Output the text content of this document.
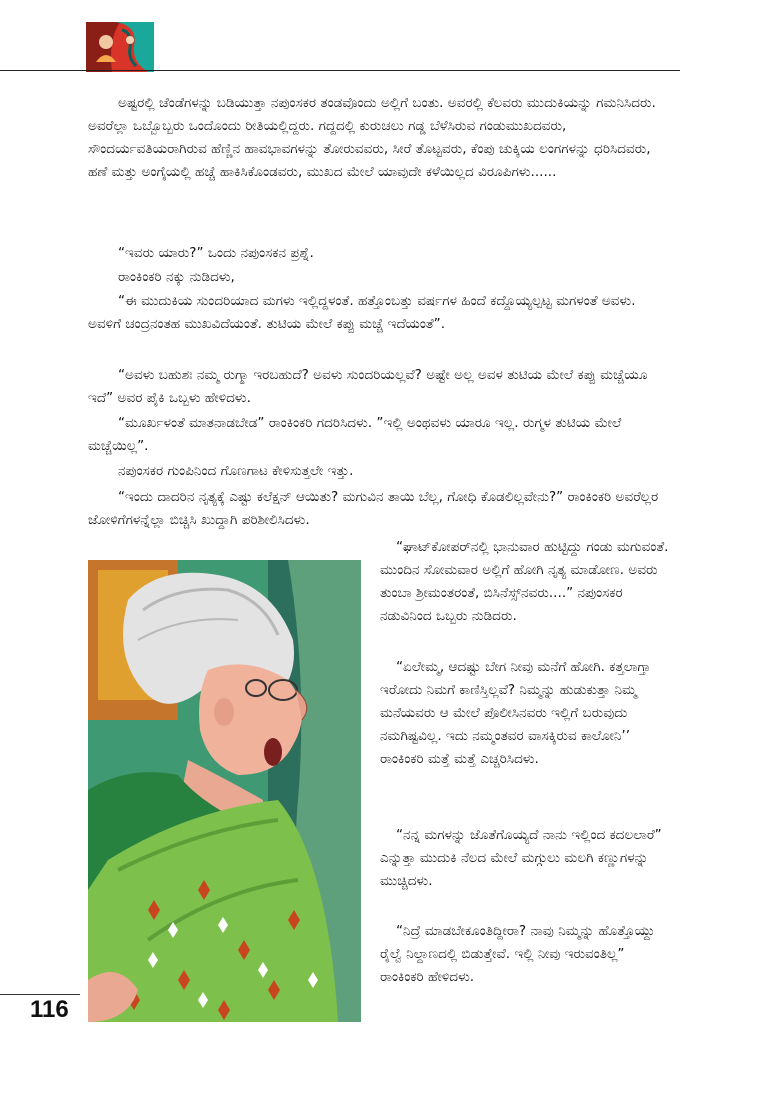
ಅಷ್ಟರಲ್ಲಿ ಚೆಂಡೆಗಳನ್ನು ಬಡಿಯುತ್ತಾ ನಪುಂಸಕರ ತಂಡವೊಂದು ಅಲ್ಲಿಗೆ ಬಂತು. ಅವರಲ್ಲಿ ಕೆಲವರು ಮುದುಕಿಯನ್ನು ಗಮನಿಸಿದರು. ಅವರೆಲ್ಲಾ ಒಬ್ಬೊಬ್ಬರು ಒಂದೊಂದು ರೀತಿಯಲ್ಲಿದ್ದರು. ಗದ್ದದಲ್ಲಿ ಕುರುಚಲು ಗಡ್ಡ ಬೆಳೆಸಿರುವ ಗಂಡುಮುಖದವರು, ಸೌಂದರ್ಯವತಿಯರಾಗಿರುವ ಹೆಣ್ಣಿನ ಹಾವಭಾವಗಳನ್ನು ತೋರುವವರು, ಸೀರೆ ತೊಟ್ಟವರು, ಕೆಂಪು ಚುಕ್ಕಿಯ ಲಂಗಗಳನ್ನು ಧರಿಸಿದವರು, ಹಣೆ ಮತ್ತು ಅಂಗೈಯಲ್ಲಿ ಹಚ್ಚೆ ಹಾಕಿಸಿಕೊಂಡವರು, ಮುಖದ ಮೇಲೆ ಯಾವುದೇ ಕಳೆಯಿಲ್ಲದ ವಿರೂಪಿಗಳು......

“ಇವರು ಯಾರು?” ಒಂದು ನಪುಂಸಕನ ಪ್ರಶ್ನೆ.

ರಾಂಕಿಂಕರಿ ನಕ್ಕು ನುಡಿದಳು,

“ಈ ಮುದುಕಿಯ ಸುಂದರಿಯಾದ ಮಗಳು ಇಲ್ಲಿದ್ದಳಂತೆ. ಹತ್ತೊಂಬತ್ತು ವರ್ಷಗಳ ಹಿಂದೆ ಕದ್ದೊಯ್ಯಲ್ಪಟ್ಟ ಮಗಳಂತೆ ಅವಳು. ಅವಳಿಗೆ ಚಂದ್ರನಂತಹ ಮುಖವಿದೆಯಂತೆ. ತುಟಿಯ ಮೇಲೆ ಕಪ್ಪು ಮಚ್ಚೆ ಇದೆಯಂತೆ”.

“ಅವಳು ಬಹುಶಃ ನಮ್ಮ ರುಗ್ಮಾ ಇರಬಹುದೆ? ಅವಳು ಸುಂದರಿಯಲ್ಲವೆ? ಅಷ್ಟೇ ಅಲ್ಲ ಅವಳ ತುಟಿಯ ಮೇಲೆ ಕಪ್ಪು ಮಚ್ಚೆಯೂ ಇದೆ” ಅವರ ಪೈಕಿ ಒಬ್ಬಳು ಹೇಳಿದಳು.

“ಮೂರ್ಖಳಂತೆ ಮಾತನಾಡಬೇಡ” ರಾಂಕಿಂಕರಿ ಗದರಿಸಿದಳು. ”ಇಲ್ಲಿ ಅಂಥವಳು ಯಾರೂ ಇಲ್ಲ. ರುಗ್ಮಳ ತುಟಿಯ ಮೇಲೆ ಮಚ್ಚೆಯಿಲ್ಲ”.

ನಪುಂಸಕರ ಗುಂಪಿನಿಂದ ಗೊಣಗಾಟ ಕೇಳಿಸುತ್ತಲೇ ಇತ್ತು.

“ಇಂದು ದಾದರಿನ ನೃತ್ಯಕ್ಕೆ ಎಷ್ಟು ಕಲೆಕ್ಷನ್ ಆಯಿತು? ಮಗುವಿನ ತಾಯಿ ಬೆಲ್ಲ, ಗೋಧಿ ಕೊಡಲಿಲ್ಲವೇನು?” ರಾಂಕಿಂಕರಿ ಅವರೆಲ್ಲರ ಜೋಳಿಗೆಗಳನ್ನೆಲ್ಲಾ ಬಿಚ್ಚಿಸಿ ಖುದ್ದಾಗಿ ಪರಿಶೀಲಿಸಿದಳು.

“ಘಾಟ್‌ಕೋಪರ್‌ನಲ್ಲಿ ಭಾನುವಾರ ಹುಟ್ಟಿದ್ದು ಗಂಡು ಮಗುವಂತೆ. ಮುಂದಿನ ಸೋಮವಾರ ಅಲ್ಲಿಗೆ ಹೋಗಿ ನೃತ್ಯ ಮಾಡೋಣ. ಅವರು ತುಂಬಾ ಶ್ರೀಮಂತರಂತೆ, ಬಿಸಿನೆಸ್ಸ್‌ನವರು....” ನಪುಂಸಕರ ನಡುವಿನಿಂದ ಒಬ್ಬರು ನುಡಿದರು.

“ಏಲೇಮ್ಮ, ಆದಷ್ಟು ಬೇಗ ನೀವು ಮನೆಗೆ ಹೋಗಿ. ಕತ್ತಲಾಗ್ತಾ ಇರೋದು ನಿಮಗೆ ಕಾಣಿಸ್ತಿಲ್ಲವೆ? ನಿಮ್ಮನ್ನು ಹುಡುಕುತ್ತಾ ನಿಮ್ಮ ಮನೆಯವರು ಆ ಮೇಲೆ ಪೊಲೀಸಿನವರು ಇಲ್ಲಿಗೆ ಬರುವುದು ನಮಗಿಷ್ಟವಿಲ್ಲ. ಇದು ನಮ್ಮಂತವರ ವಾಸಕ್ಕಿರುವ ಕಾಲೋನಿ’’ ರಾಂಕಿಂಕರಿ ಮತ್ತೆ ಮತ್ತೆ ಎಚ್ಚರಿಸಿದಳು.

“ನನ್ನ ಮಗಳನ್ನು ಜೊತೆಗೊಯ್ಯದೆ ನಾನು ಇಲ್ಲಿಂದ ಕದಲಲಾರೆ” ಎನ್ನುತ್ತಾ ಮುದುಕಿ ನೆಲದ ಮೇಲೆ ಮಗ್ಗುಲು ಮಲಗಿ ಕಣ್ಣುಗಳನ್ನು ಮುಚ್ಚಿದಳು.

“ನಿದ್ರೆ ಮಾಡಬೇಕೂಂತಿದ್ದೀರಾ? ನಾವು ನಿಮ್ಮನ್ನು ಹೊತ್ತೊಯ್ದು ರೈಲ್ವೆ ನಿಲ್ದಾಣದಲ್ಲಿ ಬಿಡುತ್ತೇವೆ. ಇಲ್ಲಿ ನೀವು ಇರುವಂತಿಲ್ಲ” ರಾಂಕಿಂಕರಿ ಹೇಳಿದಳು.

116
